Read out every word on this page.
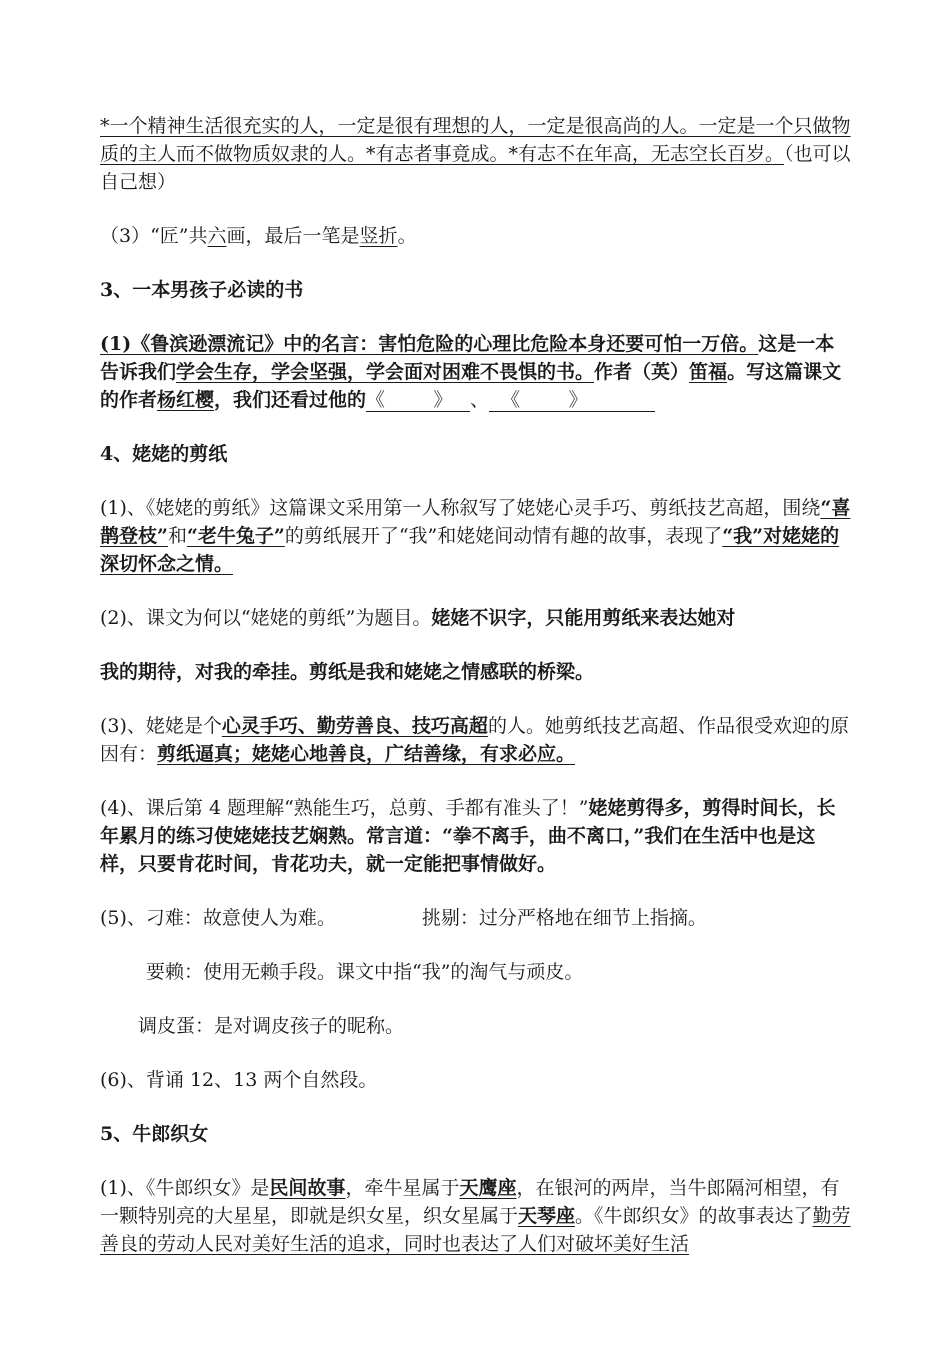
*一个精神生活很充实的人，一定是很有理想的人，一定是很高尚的人。一定是一个只做物质的主人而不做物质奴隶的人。*有志者事竟成。*有志不在年高，无志空长百岁。（也可以自己想）

（3）“匠”共六画，最后一笔是竖折。

3、一本男孩子必读的书

(1)《鲁滨逊漂流记》中的名言：害怕危险的心理比危险本身还要可怕一万倍。这是一本告诉我们学会生存，学会坚强，学会面对困难不畏惧的书。作者（英）笛福。写这篇课文的作者杨红樱，我们还看过他的《        》 、  《        》

4、姥姥的剪纸

(1)、《姥姥的剪纸》这篇课文采用第一人称叙写了姥姥心灵手巧、剪纸技艺高超，围绕“喜鹊登枝”和“老牛兔子”的剪纸展开了“我”和姥姥间动情有趣的故事，表现了“我”对姥姥的深切怀念之情。

(2)、课文为何以“姥姥的剪纸”为题目。姥姥不识字，只能用剪纸来表达她对

我的期待，对我的牵挂。剪纸是我和姥姥之情感联的桥梁。

(3)、姥姥是个心灵手巧、勤劳善良、技巧高超的人。她剪纸技艺高超、作品很受欢迎的原因有：剪纸逼真；姥姥心地善良，广结善缘，有求必应。

(4)、课后第 4 题理解“熟能生巧，总剪、手都有准头了！”姥姥剪得多，剪得时间长，长年累月的练习使姥姥技艺娴熟。常言道：“拳不离手，曲不离口，”我们在生活中也是这样，只要肯花时间，肯花功夫，就一定能把事情做好。

(5)、刁难：故意使人为难。	挑剔：过分严格地在细节上指摘。

要赖：使用无赖手段。课文中指“我”的淘气与顽皮。

调皮蛋：是对调皮孩子的昵称。

(6)、背诵 12、13 两个自然段。

5、牛郎织女

(1)、《牛郎织女》是民间故事，牵牛星属于天鹰座，在银河的两岸，当牛郎隔河相望，有一颗特别亮的大星星，即就是织女星，织女星属于天琴座。《牛郎织女》的故事表达了勤劳善良的劳动人民对美好生活的追求，同时也表达了人们对破坏美好生活
